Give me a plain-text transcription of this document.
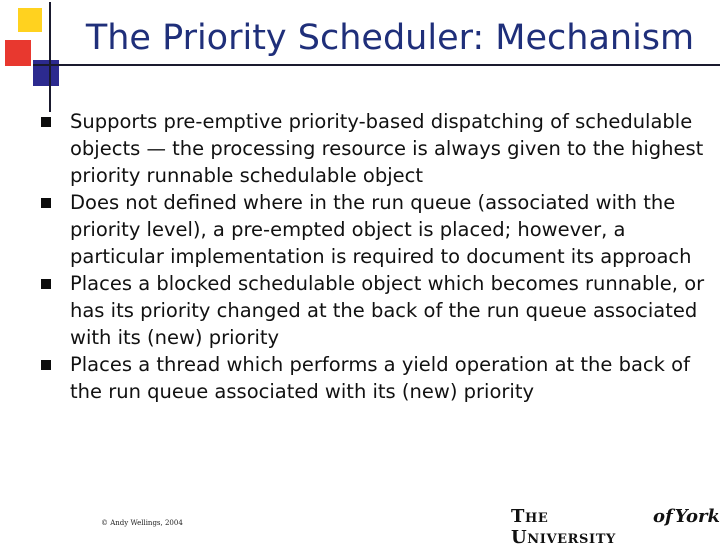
The Priority Scheduler: Mechanism
Supports pre-emptive priority-based dispatching of schedulable objects — the processing resource is always given to the highest priority runnable schedulable object
Does not defined where in the run queue (associated with the priority level), a pre-empted object is placed; however, a particular implementation is required to document its approach
Places a blocked schedulable object which becomes runnable, or has its priority changed at the back of the run queue associated with its (new) priority
Places a thread which performs a yield operation at the back of the run queue associated with its (new) priority
© Andy Wellings, 2004	The University
of York
